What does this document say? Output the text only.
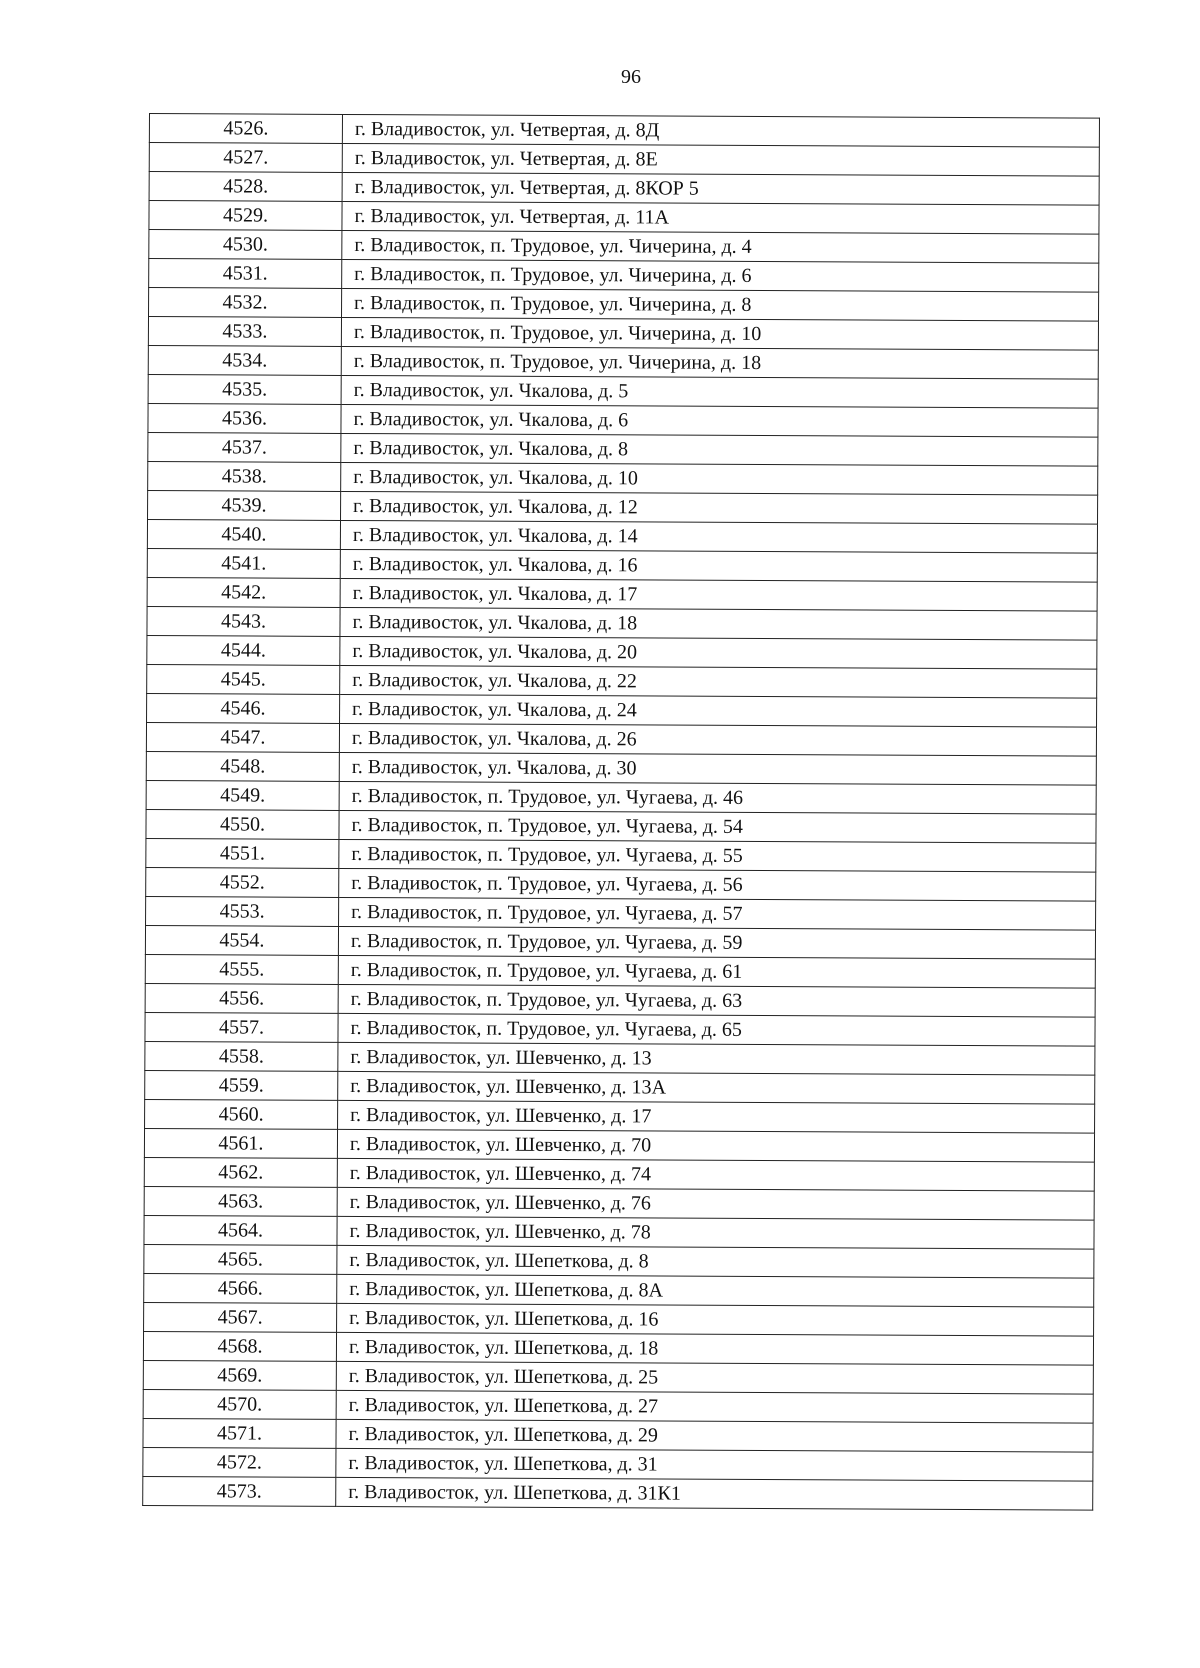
96
4526.	г. Владивосток, ул. Четвертая, д. 8Д
4527.	г. Владивосток, ул. Четвертая, д. 8Е
4528.	г. Владивосток, ул. Четвертая, д. 8КОР 5
4529.	г. Владивосток, ул. Четвертая, д. 11А
4530.	г. Владивосток, п. Трудовое, ул. Чичерина, д. 4
4531.	г. Владивосток, п. Трудовое, ул. Чичерина, д. 6
4532.	г. Владивосток, п. Трудовое, ул. Чичерина, д. 8
4533.	г. Владивосток, п. Трудовое, ул. Чичерина, д. 10
4534.	г. Владивосток, п. Трудовое, ул. Чичерина, д. 18
4535.	г. Владивосток, ул. Чкалова, д. 5
4536.	г. Владивосток, ул. Чкалова, д. 6
4537.	г. Владивосток, ул. Чкалова, д. 8
4538.	г. Владивосток, ул. Чкалова, д. 10
4539.	г. Владивосток, ул. Чкалова, д. 12
4540.	г. Владивосток, ул. Чкалова, д. 14
4541.	г. Владивосток, ул. Чкалова, д. 16
4542.	г. Владивосток, ул. Чкалова, д. 17
4543.	г. Владивосток, ул. Чкалова, д. 18
4544.	г. Владивосток, ул. Чкалова, д. 20
4545.	г. Владивосток, ул. Чкалова, д. 22
4546.	г. Владивосток, ул. Чкалова, д. 24
4547.	г. Владивосток, ул. Чкалова, д. 26
4548.	г. Владивосток, ул. Чкалова, д. 30
4549.	г. Владивосток, п. Трудовое, ул. Чугаева, д. 46
4550.	г. Владивосток, п. Трудовое, ул. Чугаева, д. 54
4551.	г. Владивосток, п. Трудовое, ул. Чугаева, д. 55
4552.	г. Владивосток, п. Трудовое, ул. Чугаева, д. 56
4553.	г. Владивосток, п. Трудовое, ул. Чугаева, д. 57
4554.	г. Владивосток, п. Трудовое, ул. Чугаева, д. 59
4555.	г. Владивосток, п. Трудовое, ул. Чугаева, д. 61
4556.	г. Владивосток, п. Трудовое, ул. Чугаева, д. 63
4557.	г. Владивосток, п. Трудовое, ул. Чугаева, д. 65
4558.	г. Владивосток, ул. Шевченко, д. 13
4559.	г. Владивосток, ул. Шевченко, д. 13А
4560.	г. Владивосток, ул. Шевченко, д. 17
4561.	г. Владивосток, ул. Шевченко, д. 70
4562.	г. Владивосток, ул. Шевченко, д. 74
4563.	г. Владивосток, ул. Шевченко, д. 76
4564.	г. Владивосток, ул. Шевченко, д. 78
4565.	г. Владивосток, ул. Шепеткова, д. 8
4566.	г. Владивосток, ул. Шепеткова, д. 8А
4567.	г. Владивосток, ул. Шепеткова, д. 16
4568.	г. Владивосток, ул. Шепеткова, д. 18
4569.	г. Владивосток, ул. Шепеткова, д. 25
4570.	г. Владивосток, ул. Шепеткова, д. 27
4571.	г. Владивосток, ул. Шепеткова, д. 29
4572.	г. Владивосток, ул. Шепеткова, д. 31
4573.	г. Владивосток, ул. Шепеткова, д. 31К1
